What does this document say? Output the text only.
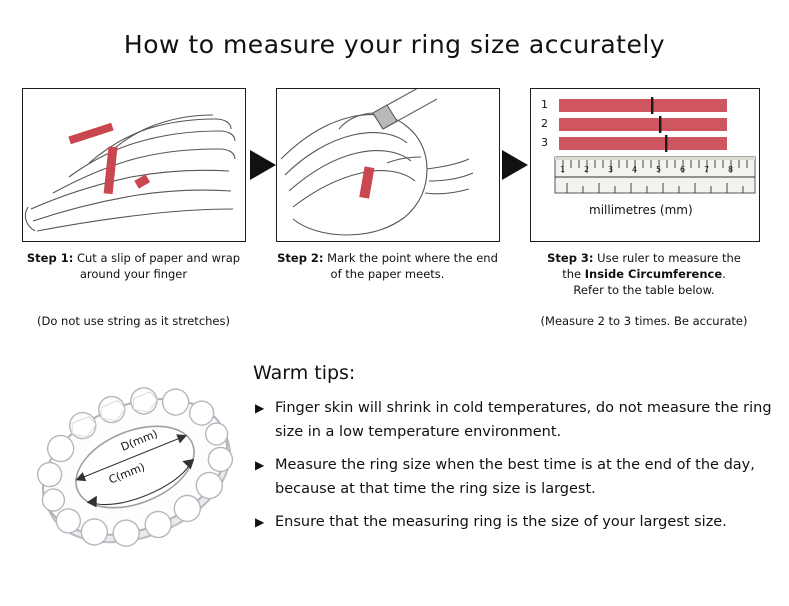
How to measure your ring size accurately
1
2
3
1 2 3 4 5 6 7 8
millimetres (mm)
Step 1: Cut a slip of paper and wrap around your finger
(Do not use string as it stretches)
Step 2: Mark the point where the end of the paper meets.
Step 3: Use ruler to measure the
the Inside Circumference.
Refer to the table below.
(Measure 2 to 3 times. Be accurate)
D(mm)
C(mm)
Warm tips:
▶ Finger skin will shrink in cold temperatures, do not measure the ring size in a low temperature environment.
▶ Measure the ring size when the best time is at the end of the day, because at that time the ring size is largest.
▶ Ensure that the measuring ring is the size of your largest size.
